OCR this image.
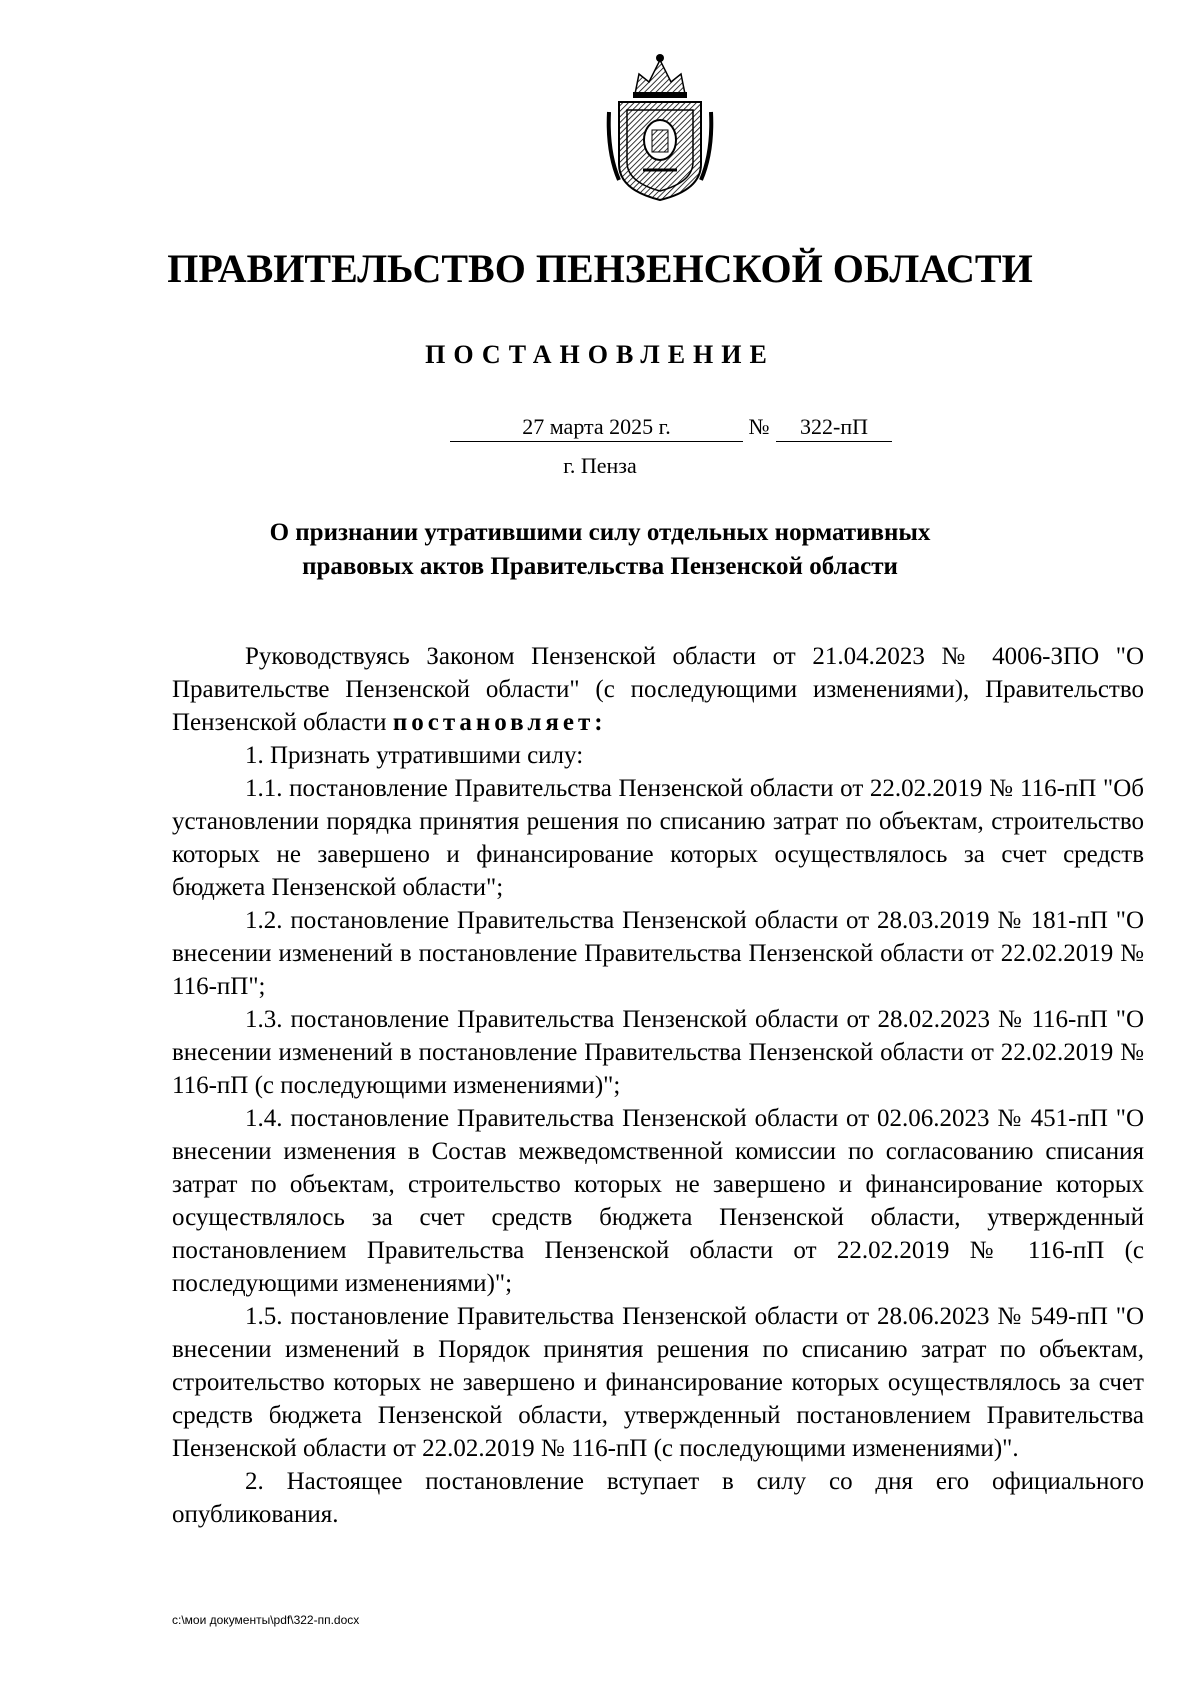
ПРАВИТЕЛЬСТВО ПЕНЗЕНСКОЙ ОБЛАСТИ
ПОСТАНОВЛЕНИЕ
27 марта 2025 г.	№	322-пП
г. Пенза
О признании утратившими силу отдельных нормативных
правовых актов Правительства Пензенской области

Руководствуясь Законом Пензенской области от 21.04.2023 № 4006-ЗПО "О Правительстве Пензенской области" (с последующими изменениями), Правительство Пензенской области постановляет:

1. Признать утратившими силу:

1.1. постановление Правительства Пензенской области от 22.02.2019 № 116-пП "Об установлении порядка принятия решения по списанию затрат по объектам, строительство которых не завершено и финансирование которых осуществлялось за счет средств бюджета Пензенской области";

1.2. постановление Правительства Пензенской области от 28.03.2019 № 181-пП "О внесении изменений в постановление Правительства Пензенской области от 22.02.2019 № 116-пП";

1.3. постановление Правительства Пензенской области от 28.02.2023 № 116-пП "О внесении изменений в постановление Правительства Пензенской области от 22.02.2019 № 116-пП (с последующими изменениями)";

1.4. постановление Правительства Пензенской области от 02.06.2023 № 451-пП "О внесении изменения в Состав межведомственной комиссии по согласованию списания затрат по объектам, строительство которых не завершено и финансирование которых осуществлялось за счет средств бюджета Пензенской области, утвержденный постановлением Правительства Пензенской области от 22.02.2019 № 116-пП (с последующими изменениями)";

1.5. постановление Правительства Пензенской области от 28.06.2023 № 549-пП "О внесении изменений в Порядок принятия решения по списанию затрат по объектам, строительство которых не завершено и финансирование которых осуществлялось за счет средств бюджета Пензенской области, утвержденный постановлением Правительства Пензенской области от 22.02.2019 № 116-пП (с последующими изменениями)".

2. Настоящее постановление вступает в силу со дня его официального опубликования.

c:\мои документы\pdf\322-пп.docx
